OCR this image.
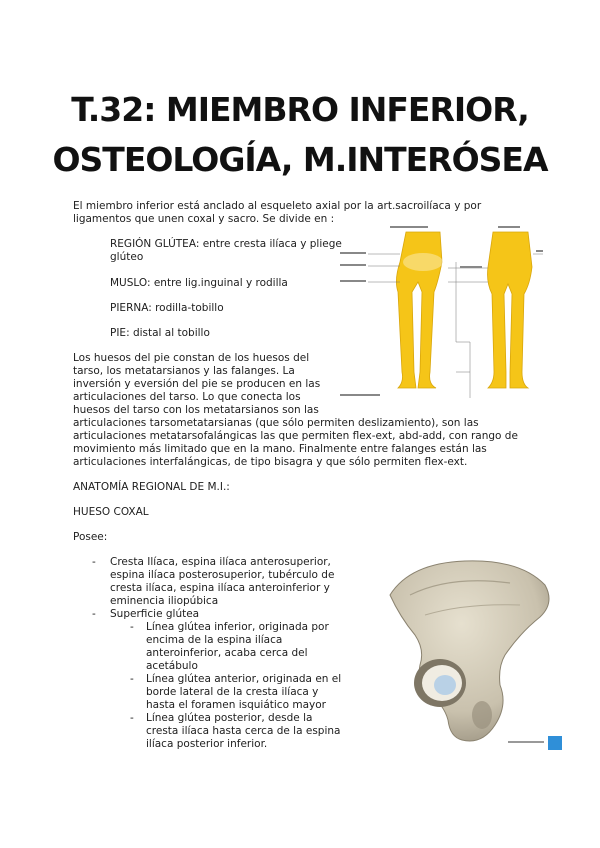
T.32: MIEMBRO INFERIOR,
OSTEOLOGÍA, M.INTERÓSEA
El miembro inferior está anclado al esqueleto axial por la art.sacroilíaca y por
ligamentos que unen coxal y sacro. Se divide en :
REGIÓN GLÚTEA: entre cresta ilíaca y pliege
glúteo
MUSLO: entre lig.inguinal y rodilla
PIERNA: rodilla-tobillo
PIE: distal al tobillo
Los huesos del pie constan de los huesos del
tarso, los metatarsianos y las falanges. La
inversión y eversión del pie se producen en las
articulaciones del tarso. Lo que conecta los
huesos del tarso con los metatarsianos son las
articulaciones tarsometatarsianas (que sólo permiten deslizamiento), son las
articulaciones metatarsofalángicas las que permiten flex-ext, abd-add, con rango de
movimiento más limitado que en la mano. Finalmente entre falanges están las
articulaciones interfalángicas, de tipo bisagra y que sólo permiten flex-ext.
ANATOMÍA REGIONAL DE M.I.:
HUESO COXAL
Posee:
- Cresta Ilíaca, espina ilíaca anterosuperior,
espina ilíaca posterosuperior, tubérculo de
cresta ilíaca, espina ilíaca anteroinferior y
eminencia iliopúbica
- Superficie glútea
- Línea glútea inferior, originada por
encima de la espina ilíaca
anteroinferior, acaba cerca del
acetábulo
- Línea glútea anterior, originada en el
borde lateral de la cresta ilíaca y
hasta el foramen isquiático mayor
- Línea glútea posterior, desde la
cresta ilíaca hasta cerca de la espina
ilíaca posterior inferior.
